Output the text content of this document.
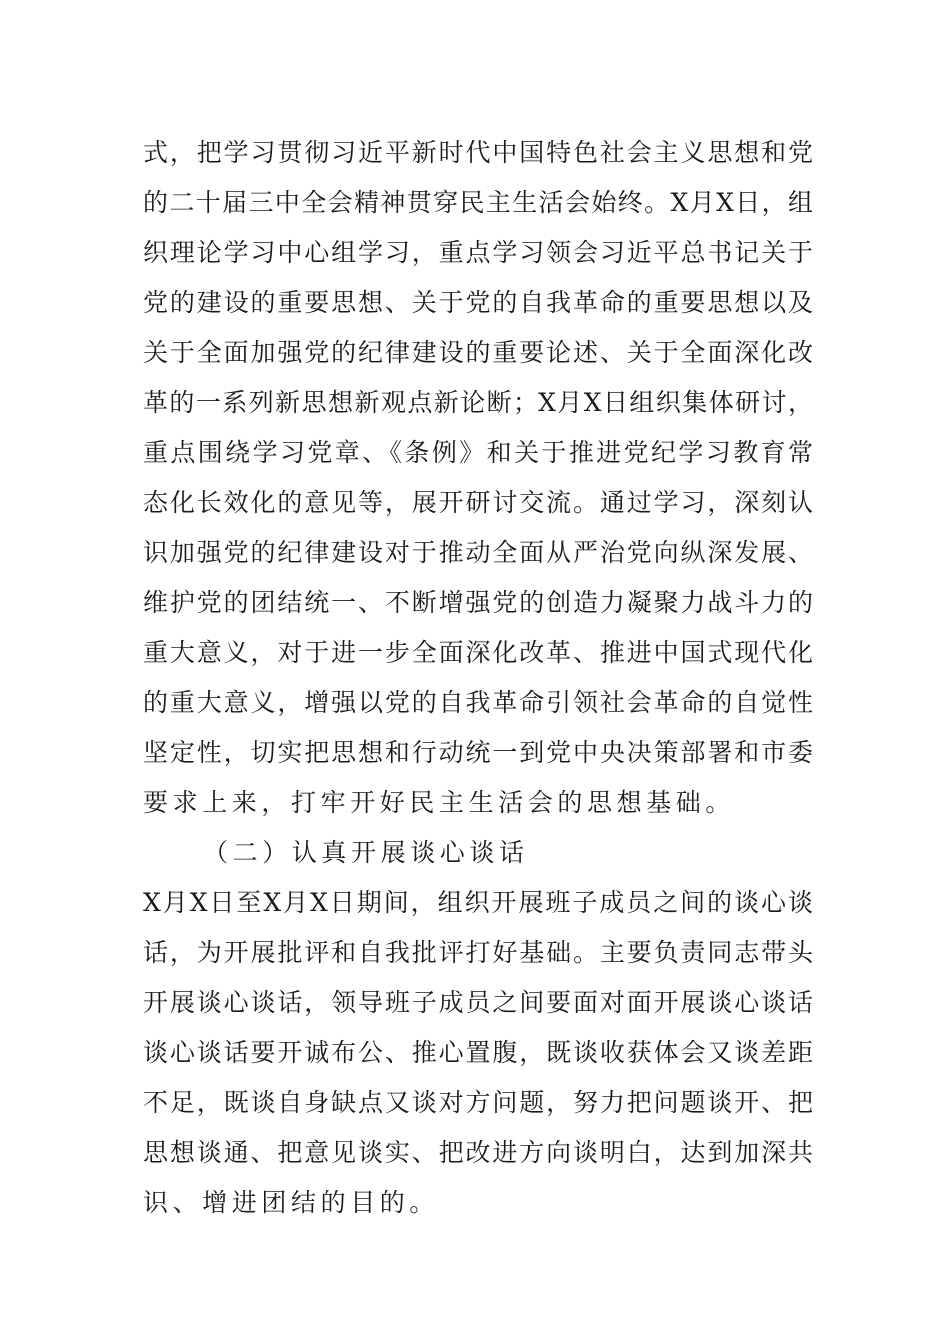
式，把学习贯彻习近平新时代中国特色社会主义思想和党
的二十届三中全会精神贯穿民主生活会始终。X月X日，组
织理论学习中心组学习，重点学习领会习近平总书记关于
党的建设的重要思想、关于党的自我革命的重要思想以及
关于全面加强党的纪律建设的重要论述、关于全面深化改
革的一系列新思想新观点新论断；X月X日组织集体研讨，
重点围绕学习党章、《条例》和关于推进党纪学习教育常
态化长效化的意见等，展开研讨交流。通过学习，深刻认
识加强党的纪律建设对于推动全面从严治党向纵深发展、
维护党的团结统一、不断增强党的创造力凝聚力战斗力的
重大意义，对于进一步全面深化改革、推进中国式现代化
的重大意义，增强以党的自我革命引领社会革命的自觉性
坚定性，切实把思想和行动统一到党中央决策部署和市委
要求上来，打牢开好民主生活会的思想基础。
（二）认真开展谈心谈话
X月X日至X月X日期间，组织开展班子成员之间的谈心谈
话，为开展批评和自我批评打好基础。主要负责同志带头
开展谈心谈话，领导班子成员之间要面对面开展谈心谈话
谈心谈话要开诚布公、推心置腹，既谈收获体会又谈差距
不足，既谈自身缺点又谈对方问题，努力把问题谈开、把
思想谈通、把意见谈实、把改进方向谈明白，达到加深共
识、增进团结的目的。
